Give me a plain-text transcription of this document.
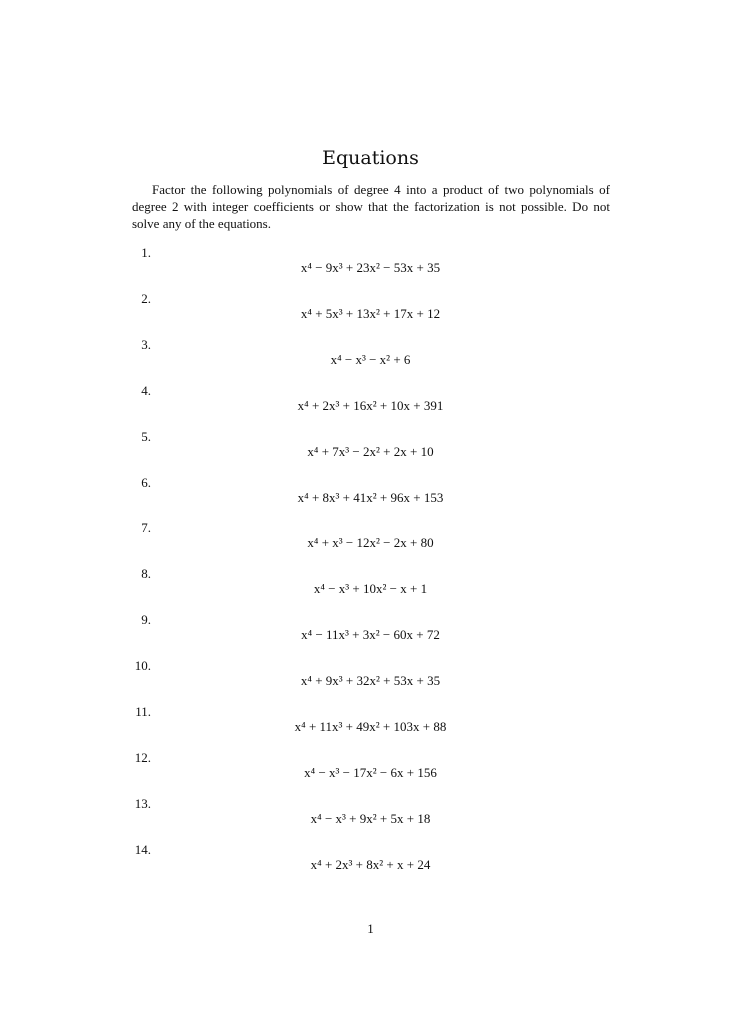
Equations
Factor the following polynomials of degree 4 into a product of two polynomials of degree 2 with integer coefficients or show that the factorization is not possible. Do not solve any of the equations.
1.
x⁴ − 9x³ + 23x² − 53x + 35
2.
x⁴ + 5x³ + 13x² + 17x + 12
3.
x⁴ − x³ − x² + 6
4.
x⁴ + 2x³ + 16x² + 10x + 391
5.
x⁴ + 7x³ − 2x² + 2x + 10
6.
x⁴ + 8x³ + 41x² + 96x + 153
7.
x⁴ + x³ − 12x² − 2x + 80
8.
x⁴ − x³ + 10x² − x + 1
9.
x⁴ − 11x³ + 3x² − 60x + 72
10.
x⁴ + 9x³ + 32x² + 53x + 35
11.
x⁴ + 11x³ + 49x² + 103x + 88
12.
x⁴ − x³ − 17x² − 6x + 156
13.
x⁴ − x³ + 9x² + 5x + 18
14.
x⁴ + 2x³ + 8x² + x + 24
1
